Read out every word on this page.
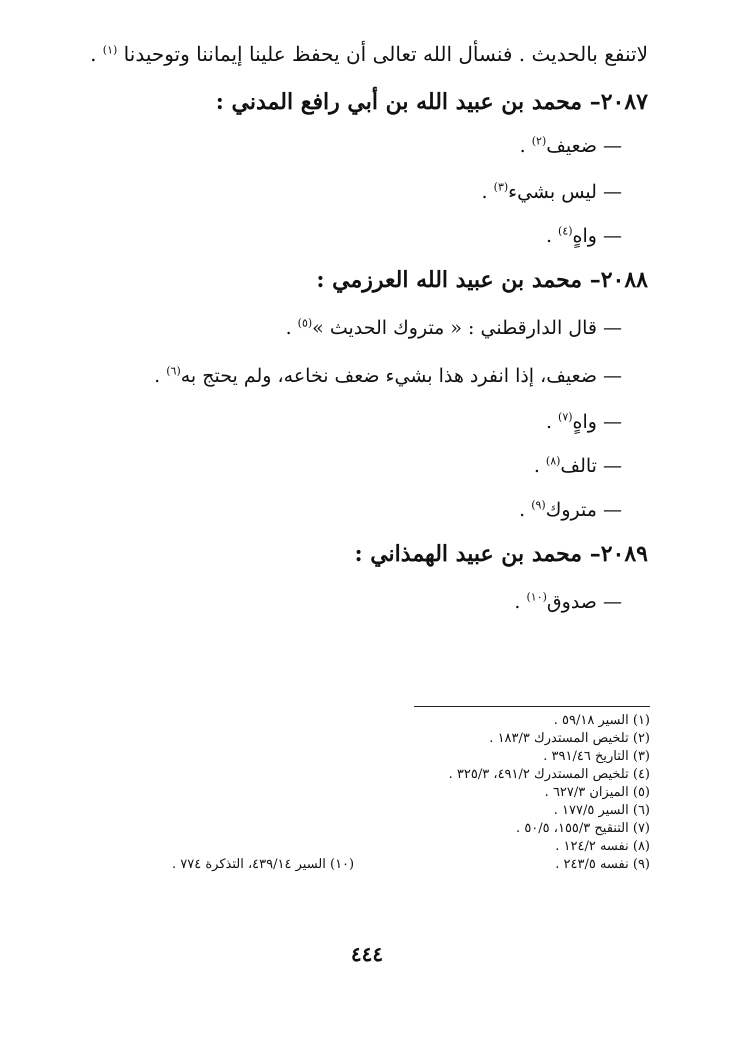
لاتنفع بالحديث . فنسأل الله تعالى أن يحفظ علينا إيماننا وتوحيدنا $^{(١)}$ .
٢٠٨٧– محمد بن عبيد الله بن أبي رافع المدني :
— ضعيف$^{(٢)}$ .
— ليس بشيء$^{(٣)}$ .
— واهٍ$^{(٤)}$ .
٢٠٨٨– محمد بن عبيد الله العرزمي :
— قال الدارقطني : « متروك الحديث »$^{(٥)}$ .
— ضعيف، إذا انفرد هذا بشيء ضعف نخاعه، ولم يحتج به$^{(٦)}$ .
— واهٍ$^{(٧)}$ .
— تالف$^{(٨)}$ .
— متروك$^{(٩)}$ .
٢٠٨٩– محمد بن عبيد الهمذاني :
— صدوق$^{(١٠)}$ .
(١) السير ٥٩/١٨ .
(٢) تلخيص المستدرك ١٨٣/٣ .
(٣) التاريخ ٣٩١/٤٦ .
(٤) تلخيص المستدرك ٤٩١/٢، ٣٢٥/٣ .
(٥) الميزان ٦٢٧/٣ .
(٦) السير ١٧٧/٥ .
(٧) التنقيح ١٥٥/٣، ٥٠/٥ .
(٨) نفسه ١٢٤/٢ .
(٩) نفسه ٢٤٣/٥ .
(١٠) السير ٤٣٩/١٤، التذكرة ٧٧٤ .
٤٤٤
